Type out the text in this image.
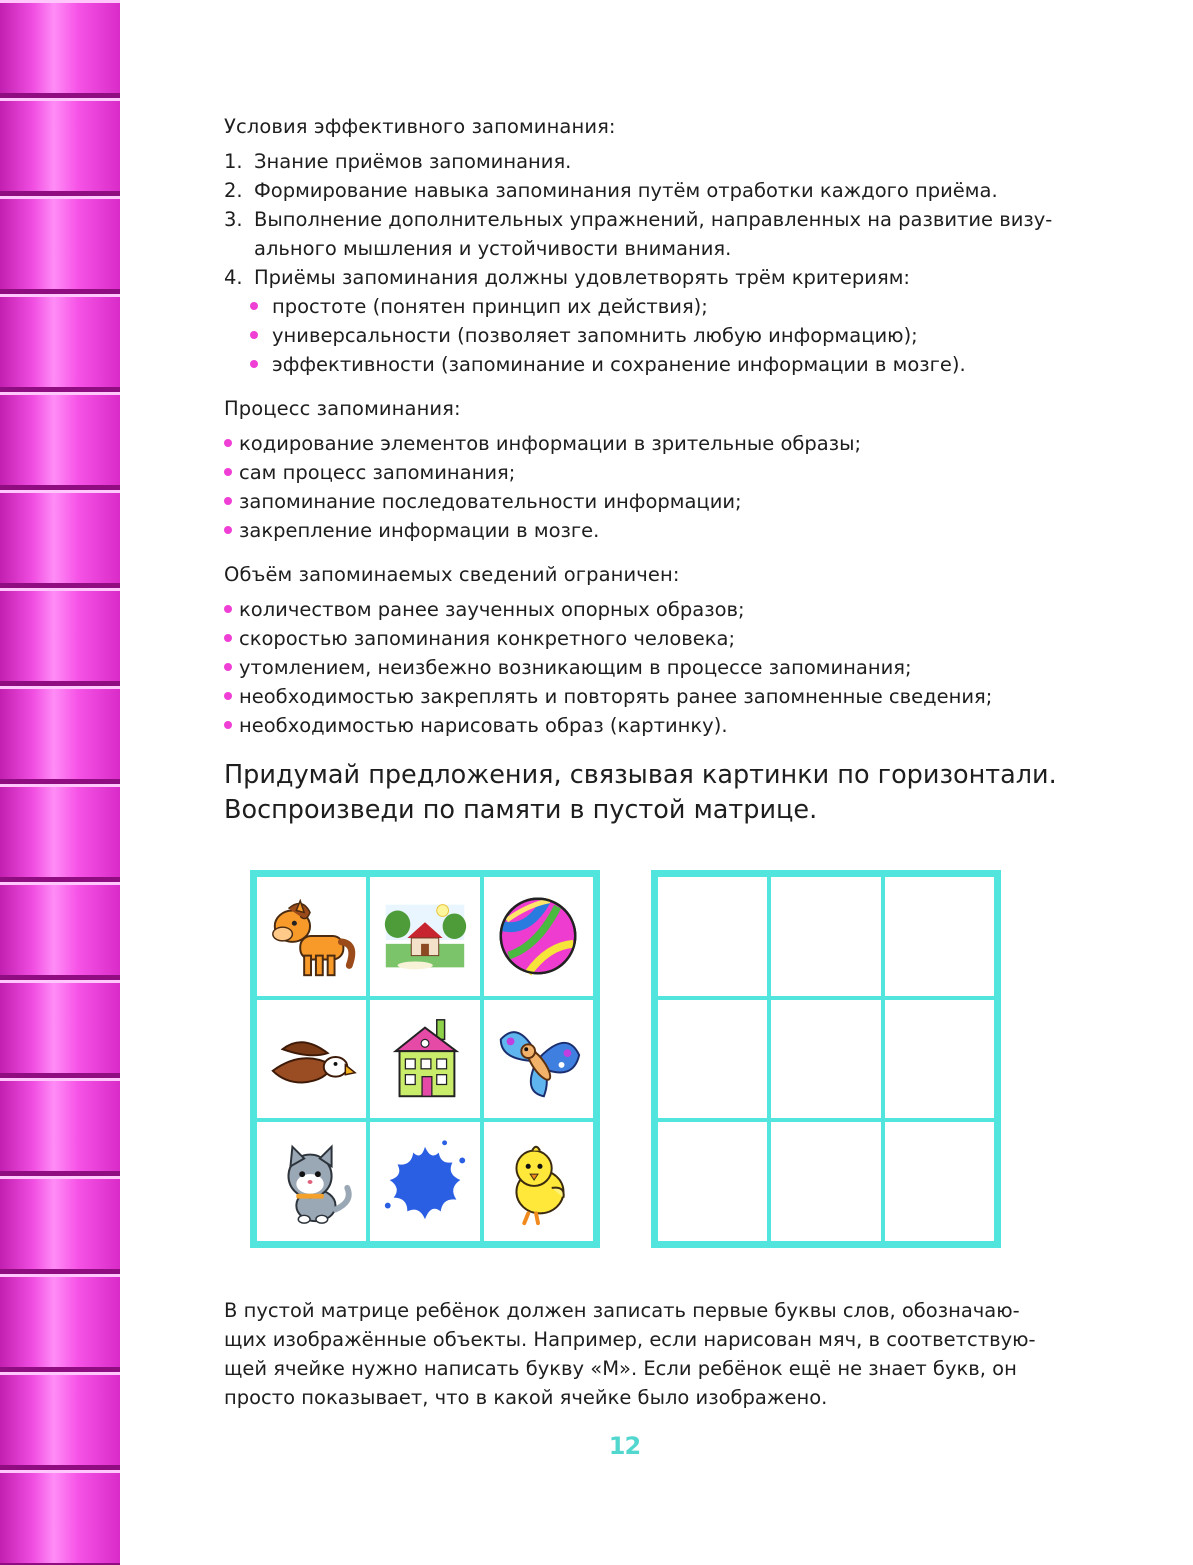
Условия эффективного запоминания:

1. Знание приёмов запоминания.
2. Формирование навыка запоминания путём отработки каждого приёма.
3. Выполнение дополнительных упражнений, направленных на развитие визу-
ального мышления и устойчивости внимания.
4. Приёмы запоминания должны удовлетворять трём критериям:
простоте (понятен принцип их действия);
универсальности (позволяет запомнить любую информацию);
эффективности (запоминание и сохранение информации в мозге).

Процесс запоминания:

кодирование элементов информации в зрительные образы;
сам процесс запоминания;
запоминание последовательности информации;
закрепление информации в мозге.

Объём запоминаемых сведений ограничен:

количеством ранее заученных опорных образов;
скоростью запоминания конкретного человека;
утомлением, неизбежно возникающим в процессе запоминания;
необходимостью закреплять и повторять ранее запомненные сведения;
необходимостью нарисовать образ (картинку).
Придумай предложения, связывая картинки по горизонтали.
Воспроизведи по памяти в пустой матрице.
В пустой матрице ребёнок должен записать первые буквы слов, обозначаю-
щих изображённые объекты. Например, если нарисован мяч, в соответствую-
щей ячейке нужно написать букву «М». Если ребёнок ещё не знает букв, он
просто показывает, что в какой ячейке было изображено.
12
